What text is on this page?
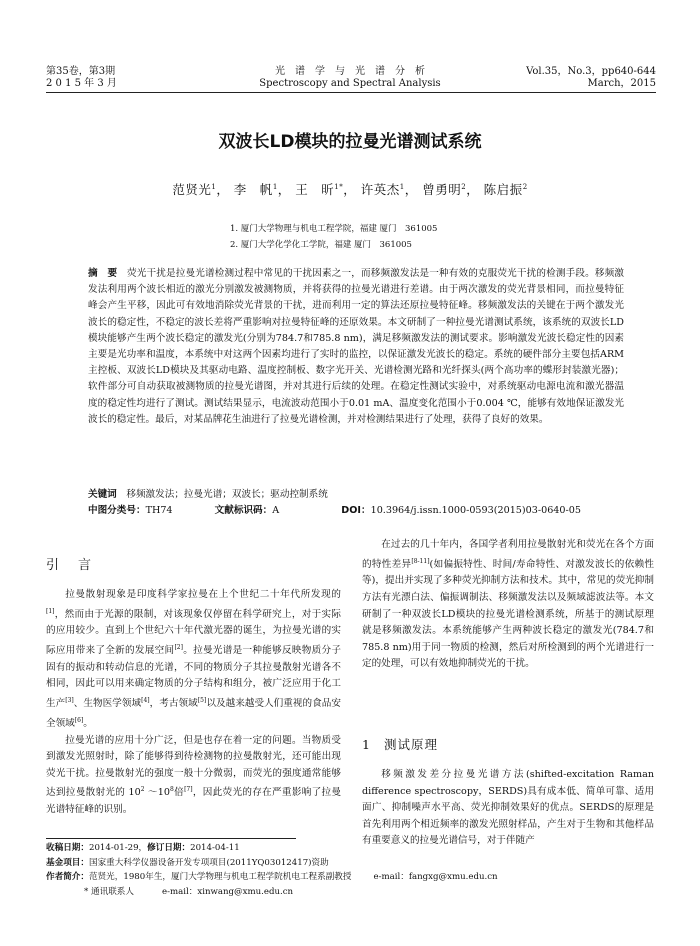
第35卷，第3期
2 0 1 5 年 3 月
光　谱　学　与　光　谱　分　析
Spectroscopy and Spectral Analysis
Vol.35，No.3，pp640-644
March，2015
双波长LD模块的拉曼光谱测试系统
范贤光$^1$， 李　帆$^1$， 王　昕$^{1*}$， 许英杰$^1$， 曾勇明$^2$， 陈启振$^2$
1. 厦门大学物理与机电工程学院，福建 厦门　361005
2. 厦门大学化学化工学院，福建 厦门　361005
摘　要　 荧光干扰是拉曼光谱检测过程中常见的干扰因素之一，而移频激发法是一种有效的克服荧光干扰的检测手段。移频激发法利用两个波长相近的激光分别激发被测物质，并将获得的拉曼光谱进行差谱。由于两次激发的荧光背景相同，而拉曼特征峰会产生平移，因此可有效地消除荧光背景的干扰，进而利用一定的算法还原拉曼特征峰。移频激发法的关键在于两个激发光波长的稳定性，不稳定的波长差将严重影响对拉曼特征峰的还原效果。本文研制了一种拉曼光谱测试系统，该系统的双波长LD模块能够产生两个波长稳定的激发光(分别为784.7和785.8 nm)，满足移频激发法的测试要求。影响激发光波长稳定性的因素主要是光功率和温度，本系统中对这两个因素均进行了实时的监控，以保证激发光波长的稳定。系统的硬件部分主要包括ARM主控板、双波长LD模块及其驱动电路、温度控制板、数字光开关、光谱检测光路和光纤探头(两个高功率的蝶形封装激光器)；软件部分可自动获取被测物质的拉曼光谱图，并对其进行后续的处理。在稳定性测试实验中，对系统驱动电源电流和激光器温度的稳定性均进行了测试。测试结果显示，电流波动范围小于0.01 mA、温度变化范围小于0.004 ℃，能够有效地保证激发光波长的稳定性。最后，对某品牌花生油进行了拉曼光谱检测，并对检测结果进行了处理，获得了良好的效果。
关键词　 移频激发法；拉曼光谱；双波长；驱动控制系统
中图分类号：TH74	文献标识码：A	DOI：10.3964/j.issn.1000-0593(2015)03-0640-05
引　言

拉曼散射现象是印度科学家拉曼在上个世纪二十年代所发现的[1]，然而由于光源的限制，对该现象仅停留在科学研究上，对于实际的应用较少。直到上个世纪六十年代激光器的诞生，为拉曼光谱的实际应用带来了全新的发展空间[2]。拉曼光谱是一种能够反映物质分子固有的振动和转动信息的光谱，不同的物质分子其拉曼散射光谱各不相同，因此可以用来确定物质的分子结构和组分，被广泛应用于化工生产[3]、生物医学领域[4]，考古领域[5]以及越来越受人们重视的食品安全领域[6]。

拉曼光谱的应用十分广泛，但是也存在着一定的问题。当物质受到激发光照射时，除了能够得到待检测物的拉曼散射光，还可能出现荧光干扰。拉曼散射光的强度一般十分微弱，而荧光的强度通常能够达到拉曼散射光的 $10^2$ $\sim 10^8$倍[7]，因此荧光的存在严重影响了拉曼光谱特征峰的识别。

在过去的几十年内，各国学者利用拉曼散射光和荧光在各个方面的特性差异[8-11](如偏振特性、时间/寿命特性、对激发波长的依赖性等)，提出并实现了多种荧光抑制方法和技术。其中，常见的荧光抑制方法有光漂白法、偏振调制法、移频激发法以及频域滤波法等。本文研制了一种双波长LD模块的拉曼光谱检测系统，所基于的测试原理就是移频激发法。本系统能够产生两种波长稳定的激发光(784.7和785.8 nm)用于同一物质的检测，然后对所检测到的两个光谱进行一定的处理，可以有效地抑制荧光的干扰。

1 测试原理

移频激发差分拉曼光谱方法(shifted-excitation Raman difference spectroscopy，SERDS)具有成本低、简单可靠、适用面广、抑制噪声水平高、荧光抑制效果好的优点。SERDS的原理是首先利用两个相近频率的激发光照射样品，产生对于生物和其他样品有重要意义的拉曼光谱信号，对于伴随产

收稿日期：2014-01-29，修订日期：2014-04-11
基金项目：国家重大科学仪器设备开发专项项目(2011YQ03012417)资助
作者简介：范贤光，1980年生，厦门大学物理与机电工程学院机电工程系副教授	e-mail：fangxg@xmu.edu.cn
* 通讯联系人	e-mail：xinwang@xmu.edu.cn
